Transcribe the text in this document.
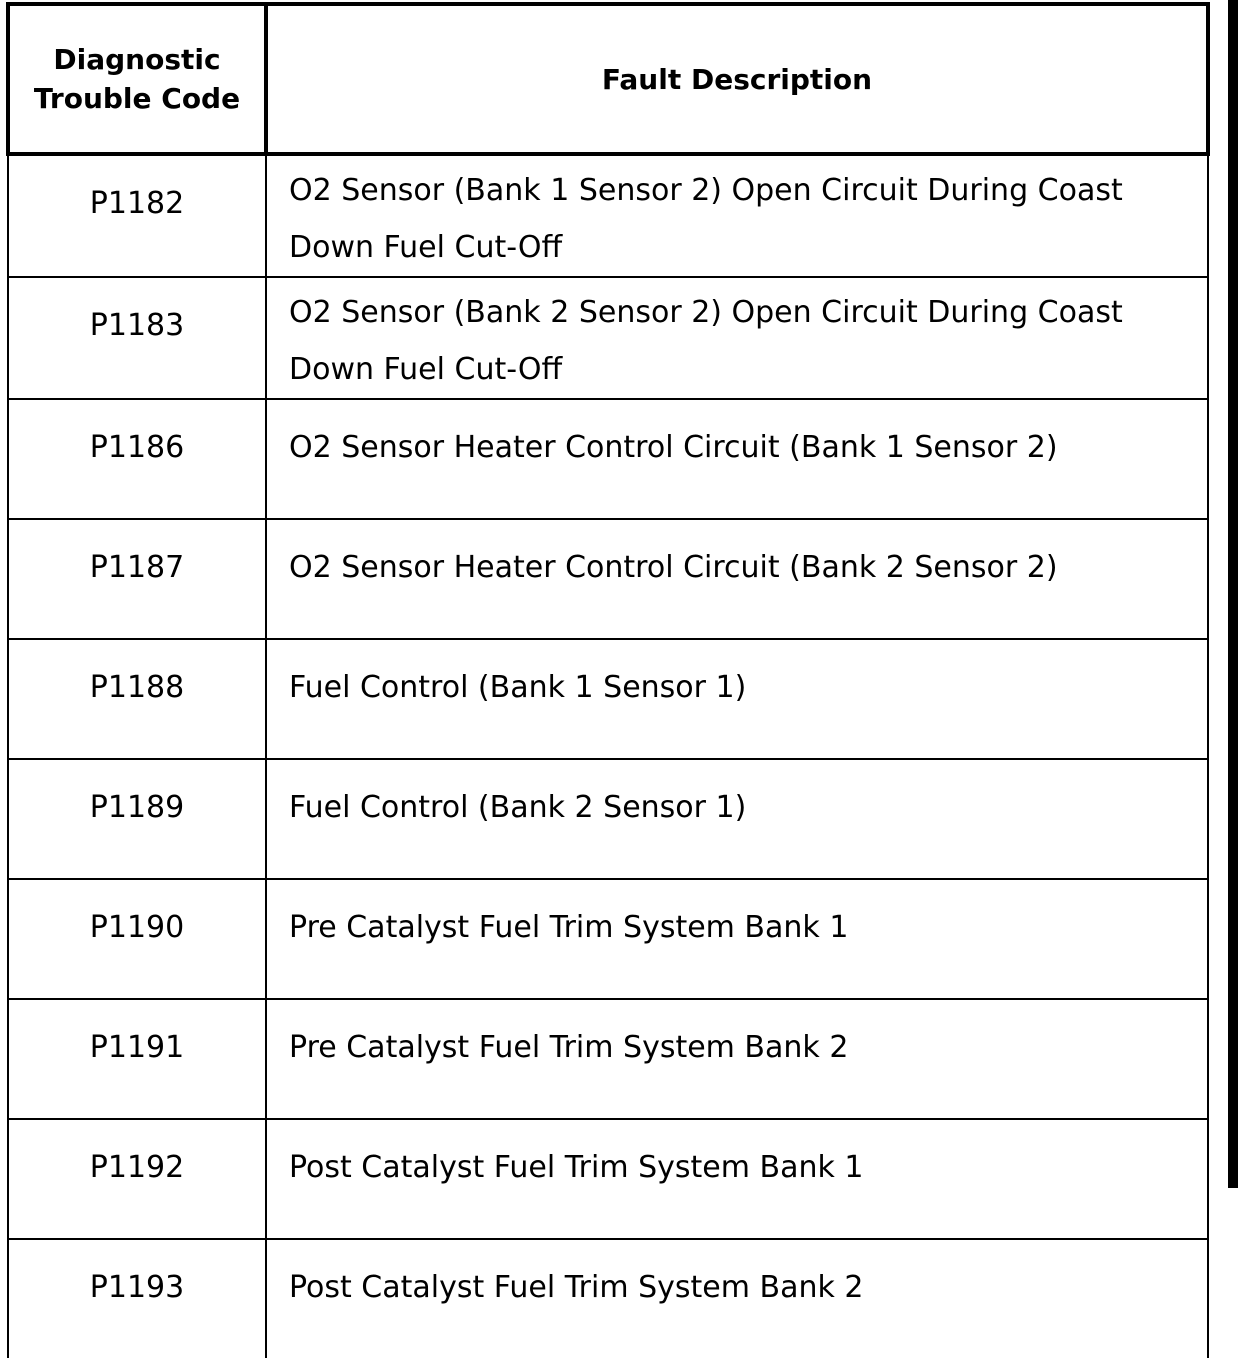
Diagnostic
Trouble Code	Fault Description
P1182	O2 Sensor (Bank 1 Sensor 2) Open Circuit During Coast
Down Fuel Cut-Off
P1183	O2 Sensor (Bank 2 Sensor 2) Open Circuit During Coast
Down Fuel Cut-Off
P1186	O2 Sensor Heater Control Circuit (Bank 1 Sensor 2)
P1187	O2 Sensor Heater Control Circuit (Bank 2 Sensor 2)
P1188	Fuel Control (Bank 1 Sensor 1)
P1189	Fuel Control (Bank 2 Sensor 1)
P1190	Pre Catalyst Fuel Trim System Bank 1
P1191	Pre Catalyst Fuel Trim System Bank 2
P1192	Post Catalyst Fuel Trim System Bank 1
P1193	Post Catalyst Fuel Trim System Bank 2
